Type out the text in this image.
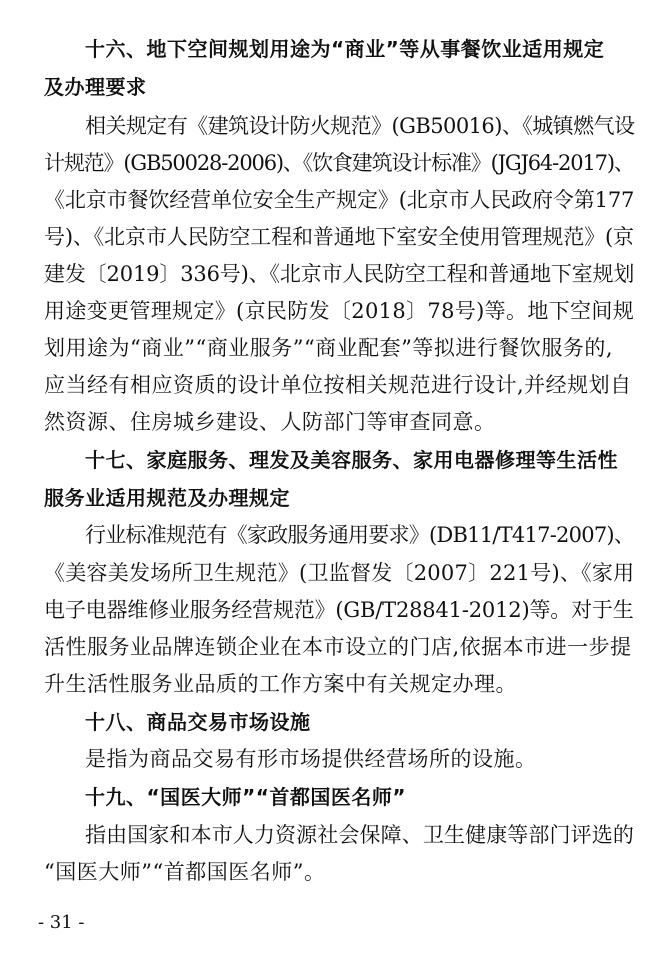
十六、地下空间规划用途为“商业”等从事餐饮业适用规定
及办理要求
相关规定有《建筑设计防火规范》(GB50016)、《城镇燃气设
计规范》(GB50028-2006)、《饮食建筑设计标准》(JGJ64-2017)、
《北京市餐饮经营单位安全生产规定》(北京市人民政府令第177
号)、《北京市人民防空工程和普通地下室安全使用管理规范》(京
建发〔2019〕336号)、《北京市人民防空工程和普通地下室规划
用途变更管理规定》(京民防发〔2018〕78号)等。地下空间规
划用途为“商业”“商业服务”“商业配套”等拟进行餐饮服务的,
应当经有相应资质的设计单位按相关规范进行设计,并经规划自
然资源、住房城乡建设、人防部门等审查同意。
十七、家庭服务、理发及美容服务、家用电器修理等生活性
服务业适用规范及办理规定
行业标准规范有《家政服务通用要求》(DB11/T417-2007)、
《美容美发场所卫生规范》(卫监督发〔2007〕221号)、《家用
电子电器维修业服务经营规范》(GB/T28841-2012)等。对于生
活性服务业品牌连锁企业在本市设立的门店,依据本市进一步提
升生活性服务业品质的工作方案中有关规定办理。
十八、商品交易市场设施
是指为商品交易有形市场提供经营场所的设施。
十九、“国医大师”“首都国医名师”
指由国家和本市人力资源社会保障、卫生健康等部门评选的
“国医大师”“首都国医名师”。
- 31 -
